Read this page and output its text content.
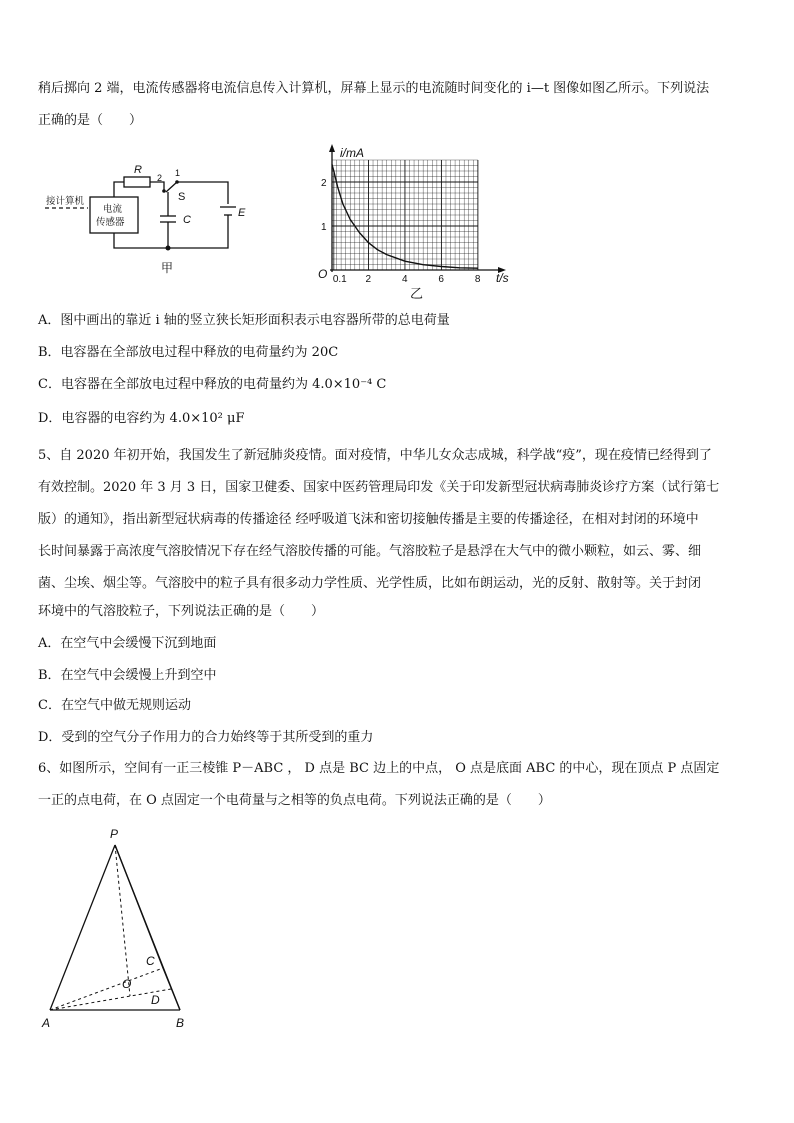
稍后掷向 2 端，电流传感器将电流信息传入计算机，屏幕上显示的电流随时间变化的 i—t 图像如图乙所示。下列说法
正确的是（　　）
接计算机
电流
传感器
R
2 1
S
C
E
甲
i/mA
t/s
O
2
1
0.1 2	4	6	8
乙
A．图中画出的靠近 i 轴的竖立狭长矩形面积表示电容器所带的总电荷量
B．电容器在全部放电过程中释放的电荷量约为 20C
C．电容器在全部放电过程中释放的电荷量约为 4.0×10⁻⁴ C
D．电容器的电容约为 4.0×10² μF
5、自 2020 年初开始，我国发生了新冠肺炎疫情。面对疫情，中华儿女众志成城，科学战“疫”，现在疫情已经得到了
有效控制。2020 年 3 月 3 日，国家卫健委、国家中医药管理局印发《关于印发新型冠状病毒肺炎诊疗方案（试行第七
版）的通知》，指出新型冠状病毒的传播途径 经呼吸道飞沫和密切接触传播是主要的传播途径，在相对封闭的环境中
长时间暴露于高浓度气溶胶情况下存在经气溶胶传播的可能。气溶胶粒子是悬浮在大气中的微小颗粒，如云、雾、细
菌、尘埃、烟尘等。气溶胶中的粒子具有很多动力学性质、光学性质，比如布朗运动，光的反射、散射等。关于封闭
环境中的气溶胶粒子，下列说法正确的是（　　）
A．在空气中会缓慢下沉到地面
B．在空气中会缓慢上升到空中
C．在空气中做无规则运动
D．受到的空气分子作用力的合力始终等于其所受到的重力
6、如图所示，空间有一正三棱锥 P－ABC ， D 点是 BC 边上的中点， O 点是底面 ABC 的中心，现在顶点 P 点固定
一正的点电荷，在 O 点固定一个电荷量与之相等的负点电荷。下列说法正确的是（　　）
P
A	B
C
D
O
